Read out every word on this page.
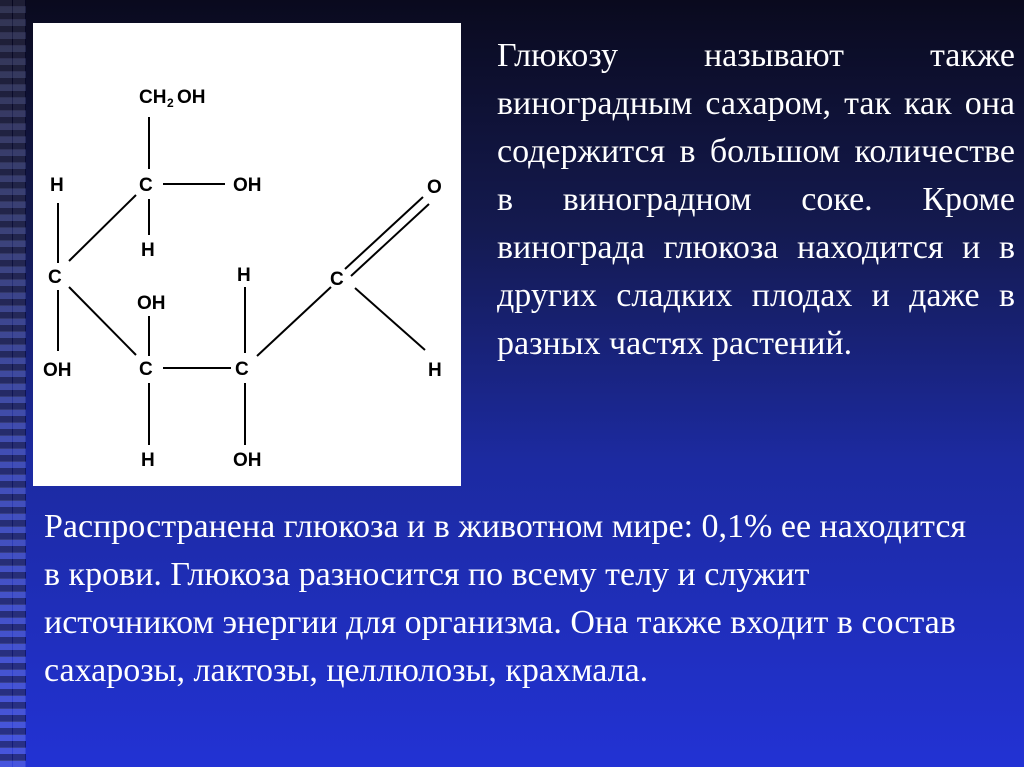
CH 2 OH
C	OH
H
H
C
OH
OH
C
H
H
C
OH
C
O
H
Глюкозу называют также виноградным сахаром, так как она содержится в большом количестве в виноградном соке. Кроме винограда глюкоза находится и в других сладких плодах и даже в разных частях растений.
Распространена глюкоза и в животном мире: 0,1% ее находится в крови. Глюкоза разносится по всему телу и служит источником энергии для организма. Она также входит в состав сахарозы, лактозы, целлюлозы, крахмала.
